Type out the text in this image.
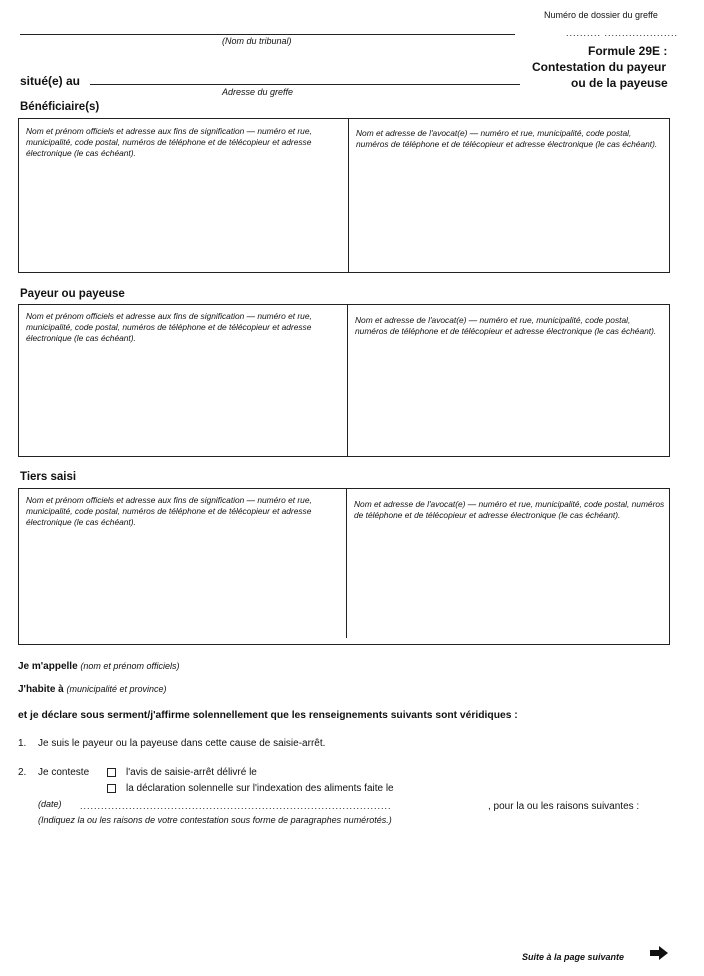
Numéro de dossier du greffe
.......... .....................
(Nom du tribunal)
Formule 29E :
Contestation du payeur
ou de la payeuse
situé(e) au
Adresse du greffe
Bénéficiaire(s)
Nom et prénom officiels et adresse aux fins de signification — numéro et rue, municipalité, code postal, numéros de téléphone et de télécopieur et adresse électronique (le cas échéant).
Nom et adresse de l'avocat(e) — numéro et rue, municipalité, code postal, numéros de téléphone et de télécopieur et adresse électronique (le cas échéant).
Payeur ou payeuse
Nom et prénom officiels et adresse aux fins de signification — numéro et rue, municipalité, code postal, numéros de téléphone et de télécopieur et adresse électronique (le cas échéant).
Nom et adresse de l'avocat(e) — numéro et rue, municipalité, code postal, numéros de téléphone et de télécopieur et adresse électronique (le cas échéant).
Tiers saisi
Nom et prénom officiels et adresse aux fins de signification — numéro et rue, municipalité, code postal, numéros de téléphone et de télécopieur et adresse électronique (le cas échéant).
Nom et adresse de l'avocat(e) — numéro et rue, municipalité, code postal, numéros de téléphone et de télécopieur et adresse électronique (le cas échéant).
Je m'appelle (nom et prénom officiels)
J'habite à (municipalité et province)
et je déclare sous serment/j'affirme solennellement que les renseignements suivants sont véridiques :
1. Je suis le payeur ou la payeuse dans cette cause de saisie-arrêt.
2. Je conteste	l'avis de saisie-arrêt délivré le
la déclaration solennelle sur l'indexation des aliments faite le
(date) .........................................................................................	, pour la ou les raisons suivantes :
(Indiquez la ou les raisons de votre contestation sous forme de paragraphes numérotés.)
Suite à la page suivante
